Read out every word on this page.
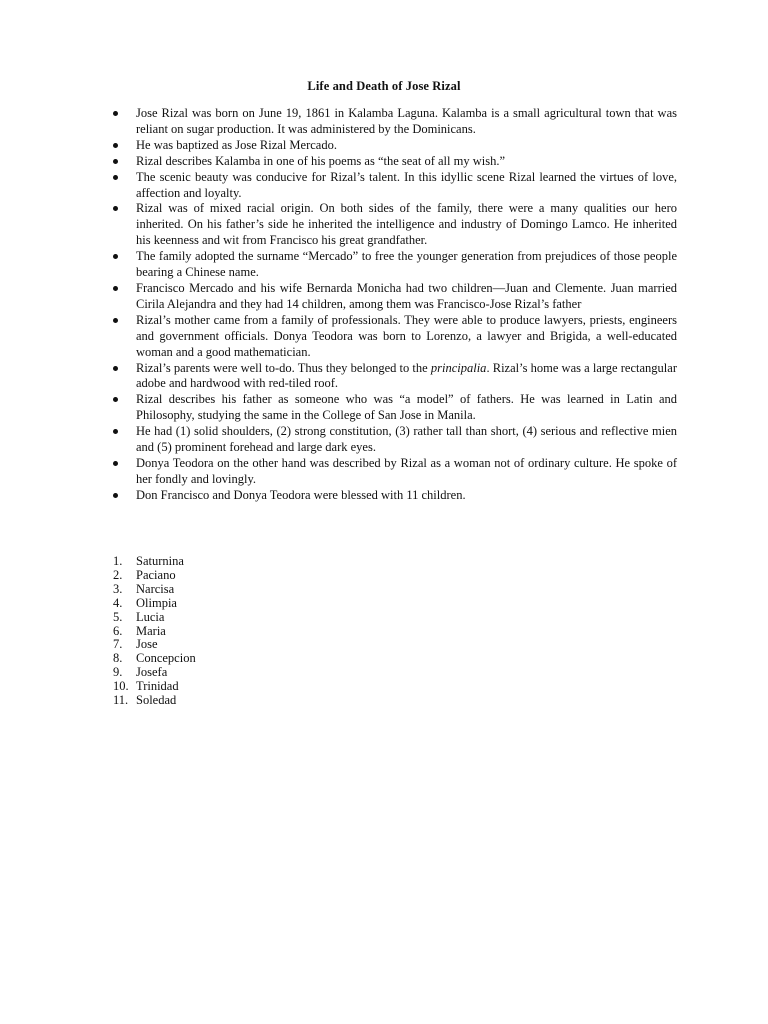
Life and Death of Jose Rizal
Jose Rizal was born on June 19, 1861 in Kalamba Laguna. Kalamba is a small agricultural town that was reliant on sugar production. It was administered by the Dominicans.
He was baptized as Jose Rizal Mercado.
Rizal describes Kalamba in one of his poems as “the seat of all my wish.”
The scenic beauty was conducive for Rizal’s talent. In this idyllic scene Rizal learned the virtues of love, affection and loyalty.
Rizal was of mixed racial origin. On both sides of the family, there were a many qualities our hero inherited. On his father’s side he inherited the intelligence and industry of Domingo Lamco. He inherited his keenness and wit from Francisco his great grandfather.
The family adopted the surname “Mercado” to free the younger generation from prejudices of those people bearing a Chinese name.
Francisco Mercado and his wife Bernarda Monicha had two children—Juan and Clemente. Juan married Cirila Alejandra and they had 14 children, among them was Francisco-Jose Rizal’s father
Rizal’s mother came from a family of professionals. They were able to produce lawyers, priests, engineers and government officials. Donya Teodora was born to Lorenzo, a lawyer and Brigida, a well-educated woman and a good mathematician.
Rizal’s parents were well to-do. Thus they belonged to the principalia. Rizal’s home was a large rectangular adobe and hardwood with red-tiled roof.
Rizal describes his father as someone who was “a model” of fathers. He was learned in Latin and Philosophy, studying the same in the College of San Jose in Manila.
He had (1) solid shoulders, (2) strong constitution, (3) rather tall than short, (4) serious and reflective mien and (5) prominent forehead and large dark eyes.
Donya Teodora on the other hand was described by Rizal as a woman not of ordinary culture. He spoke of her fondly and lovingly.
Don Francisco and Donya Teodora were blessed with 11 children.
1. Saturnina
2. Paciano
3. Narcisa
4. Olimpia
5. Lucia
6. Maria
7. Jose
8. Concepcion
9. Josefa
10. Trinidad
11. Soledad
